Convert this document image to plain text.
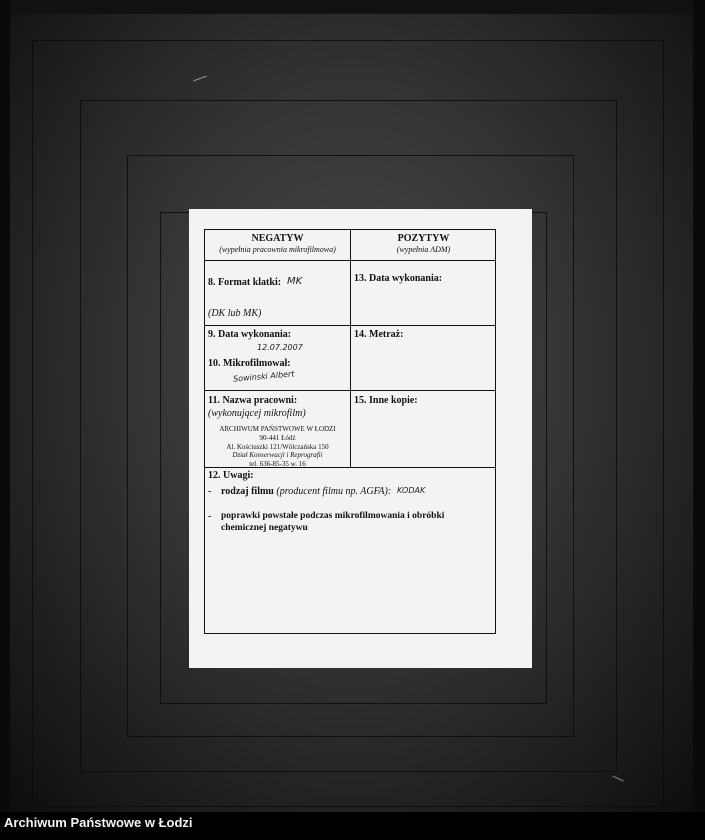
NEGATYW
(wypełnia pracownia mikrofilmowa)
POZYTYW
(wypełnia ADM)
8. Format klatki: MK
(DK lub MK)
13. Data wykonania:
9. Data wykonania:
12.07.2007
10. Mikrofilmował:
Sowinski Albert
14. Metraż:
11. Nazwa pracowni:
(wykonującej mikrofilm)
ARCHIWUM PAŃSTWOWE W ŁODZI
90-441 Łódź
Al. Kościuszki 121/Wólczańska 150
Dział Konserwacji i Reprografii
tel. 636-85-35 w. 16
15. Inne kopie:
12. Uwagi:
- rodzaj filmu (producent filmu np. AGFA): KODAK
- poprawki powstałe podczas mikrofilmowania i obróbki
chemicznej negatywu
Archiwum Państwowe w Łodzi
